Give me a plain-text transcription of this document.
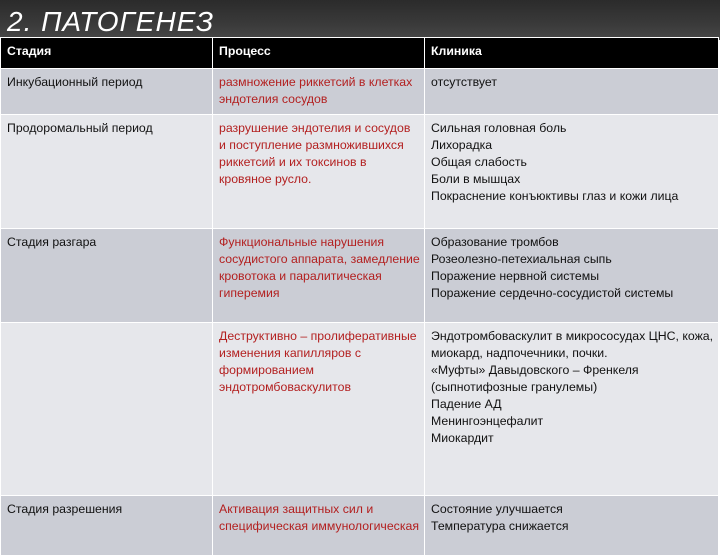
2. ПАТОГЕНЕЗ
Стадия	Процесс	Клиника
Инкубационный период	размножение риккетсий в клетках эндотелия сосудов	отсутствует

Продоромальный период	разрушение эндотелия и сосудов и поступление размножившихся риккетсий и их токсинов в кровяное русло.	Сильная головная боль
Лихорадка
Общая слабость
Боли в мышцах
Покраснение конъюктивы глаз и кожи лица

Стадия разгара	Функциональные нарушения сосудистого аппарата, замедление кровотока и паралитическая гиперемия	Образование тромбов
Розеолезно-петехиальная сыпь
Поражение нервной системы
Поражение сердечно-сосудистой системы

	Деструктивно – пролиферативные изменения капилляров с формированием эндотромбоваскулитов	Эндотромбоваскулит в микрососудах ЦНС, кожа, миокард, надпочечники, почки.
«Муфты» Давыдовского – Френкеля (сыпнотифозные гранулемы)
Падение АД
Менингоэнцефалит
Миокардит

Стадия разрешения	Активация защитных сил и специфическая иммунологическая	Состояние улучшается
Температура снижается
